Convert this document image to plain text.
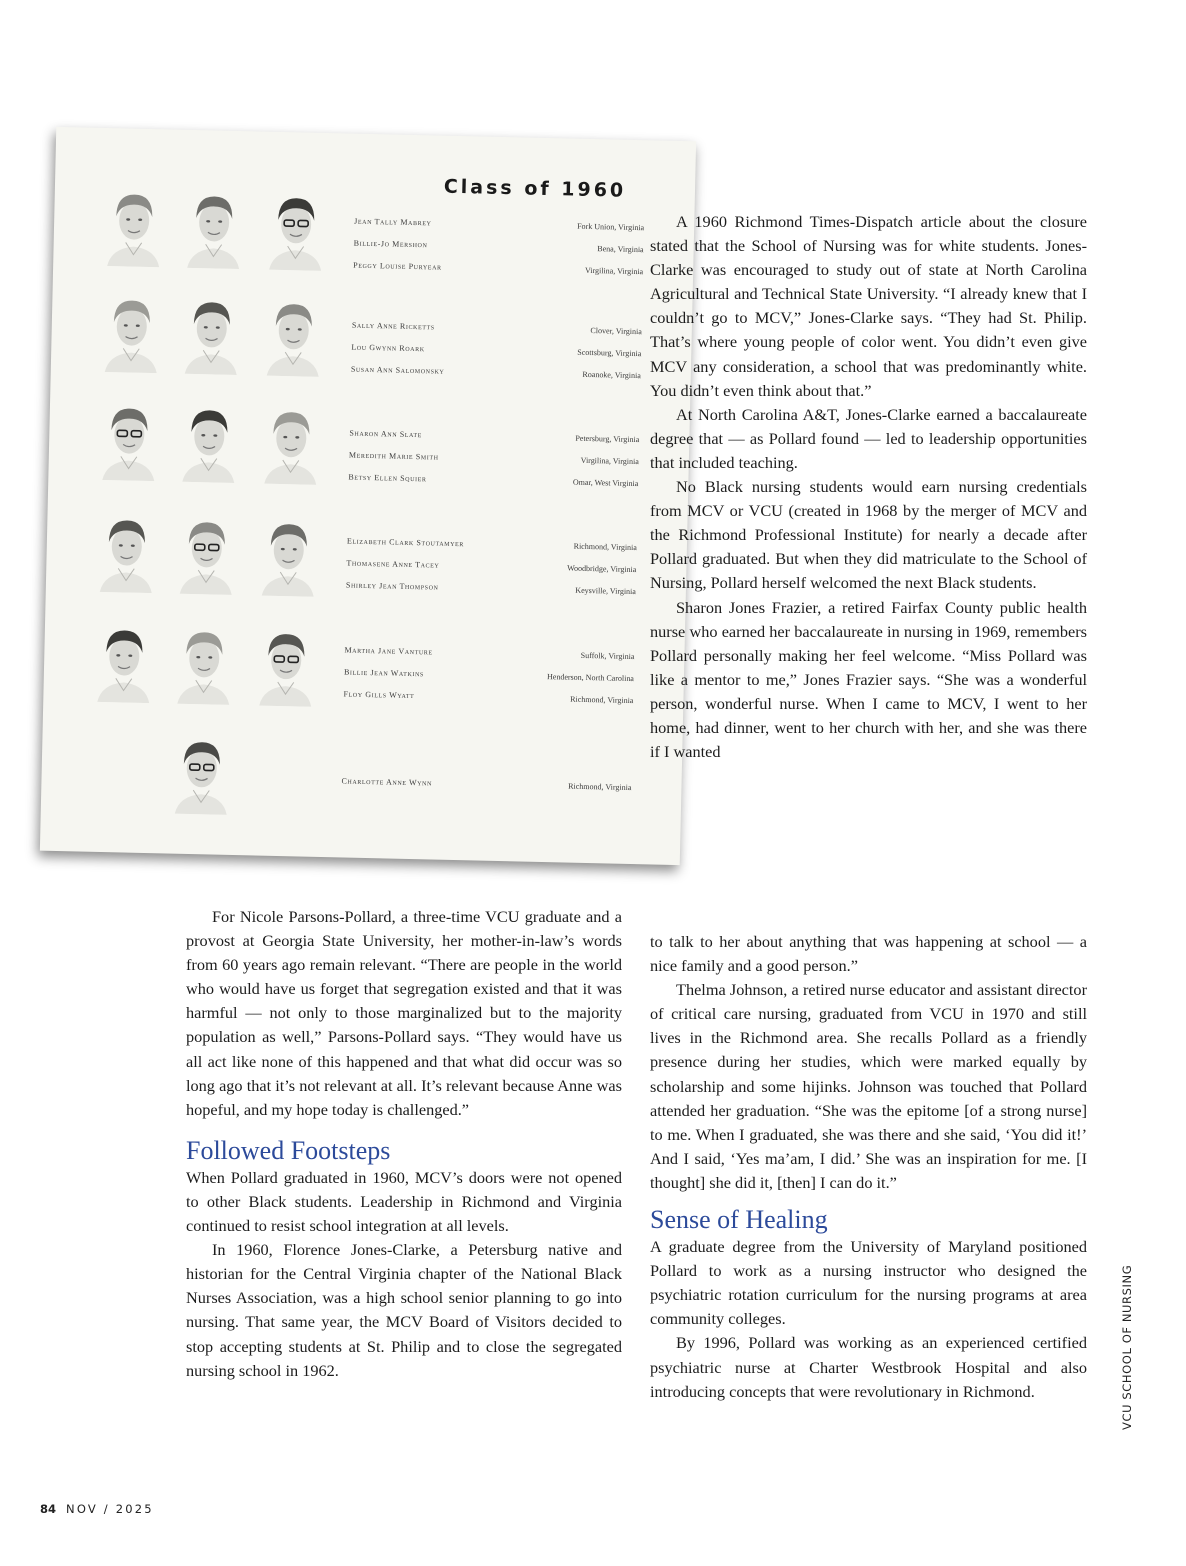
Class of 1960
Jean Tally Mabrey	Fork Union, Virginia
Billie-Jo Mershon	Bena, Virginia
Peggy Louise Puryear	Virgilina, Virginia
Sally Anne Ricketts	Clover, Virginia
Lou Gwynn Roark	Scottsburg, Virginia
Susan Ann Salomonsky	Roanoke, Virginia
Sharon Ann Slate	Petersburg, Virginia
Meredith Marie Smith	Virgilina, Virginia
Betsy Ellen Squier	Omar, West Virginia
Elizabeth Clark Stoutamyer	Richmond, Virginia
Thomasene Anne Tacey	Woodbridge, Virginia
Shirley Jean Thompson	Keysville, Virginia
Martha Jane Vanture	Suffolk, Virginia
Billie Jean Watkins	Henderson, North Carolina
Floy Gills Wyatt	Richmond, Virginia
Charlotte Anne Wynn	Richmond, Virginia

A 1960 Richmond Times-Dispatch article about the closure stated that the School of Nursing was for white students. Jones-Clarke was encouraged to study out of state at North Carolina Agricultural and Technical State University. “I already knew that I couldn’t go to MCV,” Jones-Clarke says. “They had St. Philip. That’s where young people of color went. You didn’t even give MCV any consideration, a school that was predominantly white. You didn’t even think about that.”

At North Carolina A&T, Jones-Clarke earned a baccalaureate degree that — as Pollard found — led to leadership opportunities that included teaching.

No Black nursing students would earn nursing credentials from MCV or VCU (created in 1968 by the merger of MCV and the Richmond Professional Institute) for nearly a decade after Pollard graduated. But when they did matriculate to the School of Nursing, Pollard herself welcomed the next Black students.

Sharon Jones Frazier, a retired Fairfax County public health nurse who earned her baccalaureate in nursing in 1969, remembers Pollard personally making her feel welcome. “Miss Pollard was like a mentor to me,” Jones Frazier says. “She was a wonderful person, wonderful nurse. When I came to MCV, I went to her home, had dinner, went to her church with her, and she was there if I wanted

to talk to her about anything that was happening at school — a nice family and a good person.”

Thelma Johnson, a retired nurse educator and assistant director of critical care nursing, graduated from VCU in 1970 and still lives in the Richmond area. She recalls Pollard as a friendly presence during her studies, which were marked equally by scholarship and some hijinks. Johnson was touched that Pollard attended her graduation. “She was the epitome [of a strong nurse] to me. When I graduated, she was there and she said, ‘You did it!’ And I said, ‘Yes ma’am, I did.’ She was an inspiration for me. [I thought] she did it, [then] I can do it.”

Sense of Healing

A graduate degree from the University of Maryland positioned Pollard to work as a nursing instructor who designed the psychiatric rotation curriculum for the nursing programs at area community colleges.

By 1996, Pollard was working as an experienced certified psychiatric nurse at Charter Westbrook Hospital and also introducing concepts that were revolutionary in Richmond.

For Nicole Parsons-Pollard, a three-time VCU graduate and a provost at Georgia State University, her mother-in-law’s words from 60 years ago remain relevant. “There are people in the world who would have us forget that segregation existed and that it was harmful — not only to those marginalized but to the majority population as well,” Parsons-Pollard says. “They would have us all act like none of this happened and that what did occur was so long ago that it’s not relevant at all. It’s relevant because Anne was hopeful, and my hope today is challenged.”

Followed Footsteps

When Pollard graduated in 1960, MCV’s doors were not opened to other Black students. Leadership in Richmond and Virginia continued to resist school integration at all levels.

In 1960, Florence Jones-Clarke, a Petersburg native and historian for the Central Virginia chapter of the National Black Nurses Association, was a high school senior planning to go into nursing. That same year, the MCV Board of Visitors decided to stop accepting students at St. Philip and to close the segregated nursing school in 1962.

84 NOV / 2025
VCU SCHOOL OF NURSING
